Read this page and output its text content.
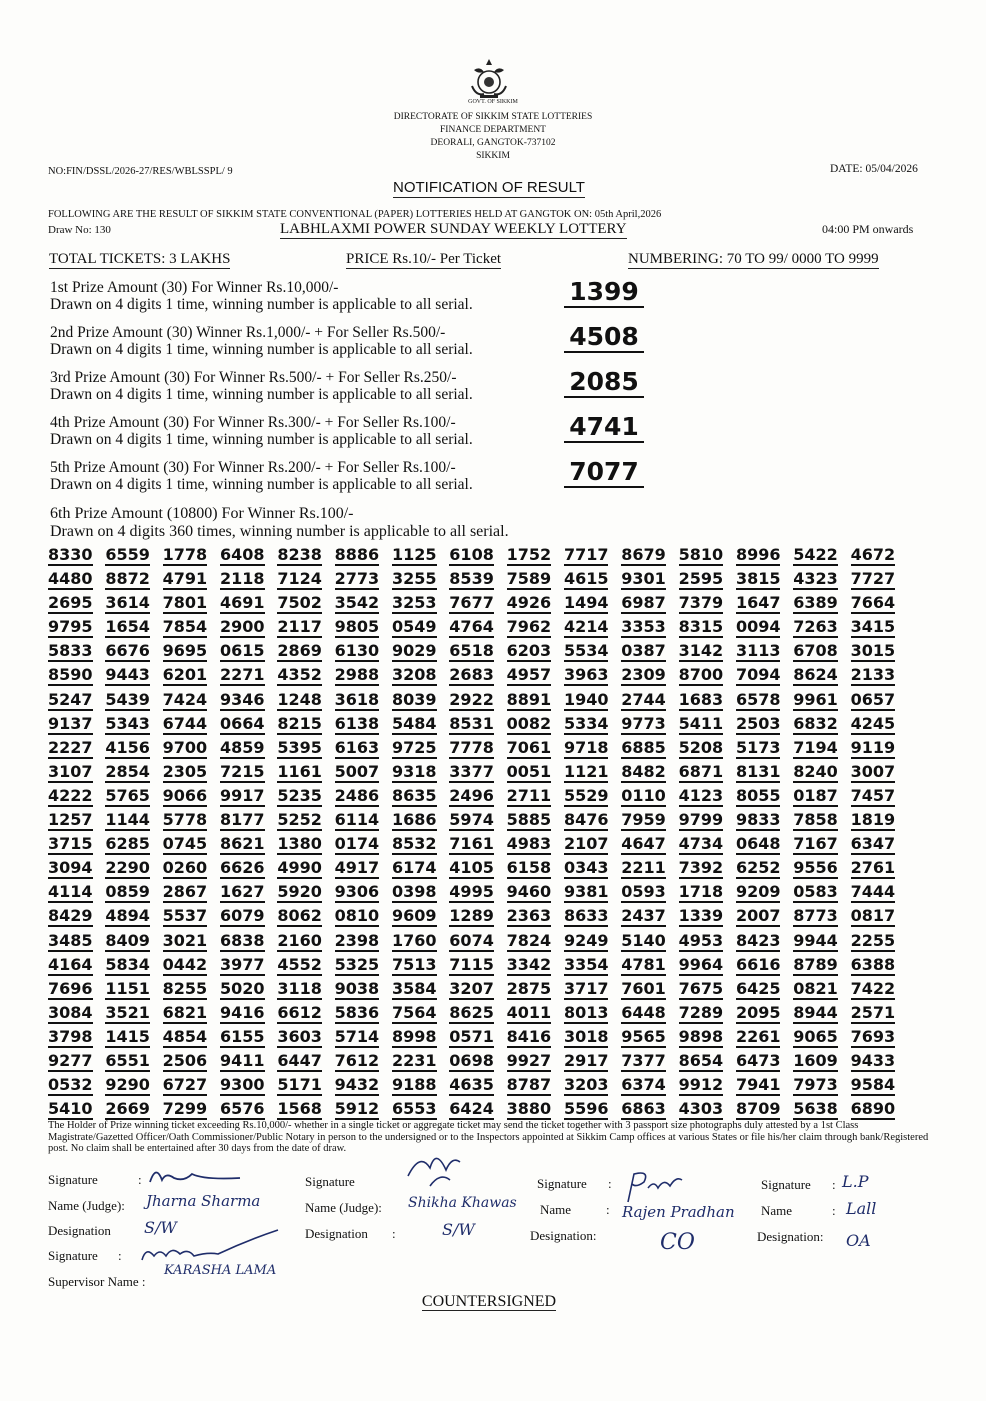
GOVT. OF SIKKIM
DIRECTORATE OF SIKKIM STATE LOTTERIES
FINANCE DEPARTMENT
DEORALI, GANGTOK-737102
SIKKIM
NO:FIN/DSSL/2026-27/RES/WBLSSPL/ 9	DATE: 05/04/2026
NOTIFICATION OF RESULT
FOLLOWING ARE THE RESULT OF SIKKIM STATE CONVENTIONAL (PAPER) LOTTERIES HELD AT GANGTOK ON: 05th April,2026
Draw No: 130	LABHLAXMI POWER SUNDAY WEEKLY LOTTERY	04:00 PM onwards
TOTAL TICKETS: 3 LAKHS	PRICE Rs.10/- Per Ticket	NUMBERING: 70 TO 99/ 0000 TO 9999
1st Prize Amount (30) For Winner Rs.10,000/-
Drawn on 4 digits 1 time, winning number is applicable to all serial.	1399
2nd Prize Amount (30) Winner Rs.1,000/- + For Seller Rs.500/-
Drawn on 4 digits 1 time, winning number is applicable to all serial.	4508
3rd Prize Amount (30) For Winner Rs.500/- + For Seller Rs.250/-
Drawn on 4 digits 1 time, winning number is applicable to all serial.	2085
4th Prize Amount (30) For Winner Rs.300/- + For Seller Rs.100/-
Drawn on 4 digits 1 time, winning number is applicable to all serial.	4741
5th Prize Amount (30) For Winner Rs.200/- + For Seller Rs.100/-
Drawn on 4 digits 1 time, winning number is applicable to all serial.	7077
6th Prize Amount (10800) For Winner Rs.100/-
Drawn on 4 digits 360 times, winning number is applicable to all serial.
8330 6559 1778 6408 8238 8886 1125 6108 1752 7717 8679 5810 8996 5422 4672
4480 8872 4791 2118 7124 2773 3255 8539 7589 4615 9301 2595 3815 4323 7727
2695 3614 7801 4691 7502 3542 3253 7677 4926 1494 6987 7379 1647 6389 7664
9795 1654 7854 2900 2117 9805 0549 4764 7962 4214 3353 8315 0094 7263 3415
5833 6676 9695 0615 2869 6130 9029 6518 6203 5534 0387 3142 3113 6708 3015
8590 9443 6201 2271 4352 2988 3208 2683 4957 3963 2309 8700 7094 8624 2133
5247 5439 7424 9346 1248 3618 8039 2922 8891 1940 2744 1683 6578 9961 0657
9137 5343 6744 0664 8215 6138 5484 8531 0082 5334 9773 5411 2503 6832 4245
2227 4156 9700 4859 5395 6163 9725 7778 7061 9718 6885 5208 5173 7194 9119
3107 2854 2305 7215 1161 5007 9318 3377 0051 1121 8482 6871 8131 8240 3007
4222 5765 9066 9917 5235 2486 8635 2496 2711 5529 0110 4123 8055 0187 7457
1257 1144 5778 8177 5252 6114 1686 5974 5885 8476 7959 9799 9833 7858 1819
3715 6285 0745 8621 1380 0174 8532 7161 4983 2107 4647 4734 0648 7167 6347
3094 2290 0260 6626 4990 4917 6174 4105 6158 0343 2211 7392 6252 9556 2761
4114 0859 2867 1627 5920 9306 0398 4995 9460 9381 0593 1718 9209 0583 7444
8429 4894 5537 6079 8062 0810 9609 1289 2363 8633 2437 1339 2007 8773 0817
3485 8409 3021 6838 2160 2398 1760 6074 7824 9249 5140 4953 8423 9944 2255
4164 5834 0442 3977 4552 5325 7513 7115 3342 3354 4781 9964 6616 8789 6388
7696 1151 8255 5020 3118 9038 3584 3207 2875 3717 7601 7675 6425 0821 7422
3084 3521 6821 9416 6612 5836 7564 8625 4011 8013 6448 7289 2095 8944 2571
3798 1415 4854 6155 3603 5714 8998 0571 8416 3018 9565 9898 2261 9065 7693
9277 6551 2506 9411 6447 7612 2231 0698 9927 2917 7377 8654 6473 1609 9433
0532 9290 6727 9300 5171 9432 9188 4635 8787 3203 6374 9912 7941 7973 9584
5410 2669 7299 6576 1568 5912 6553 6424 3880 5596 6863 4303 8709 5638 6890
The Holder of Prize winning ticket exceeding Rs.10,000/- whether in a single ticket or aggregate ticket may send the ticket together with 3 passport size photographs duly attested by a 1st Class Magistrate/Gazetted Officer/Oath Commissioner/Public Notary in person to the undersigned or to the Inspectors appointed at Sikkim Camp offices at various States or file his/her claim through bank/Registered post. No claim shall be entertained after 30 days from the date of draw.
Signature	:
Name (Judge): Jharna Sharma
Designation S/W
Signature
Name (Judge): Shikha Khawas
Designation :	S/W
Signature :
Name	: Rajen Pradhan
Designation:	CO
Signature : L.P
Name	: Lall
Designation: OA
Signature :
Supervisor Name :
KARASHA LAMA
COUNTERSIGNED
